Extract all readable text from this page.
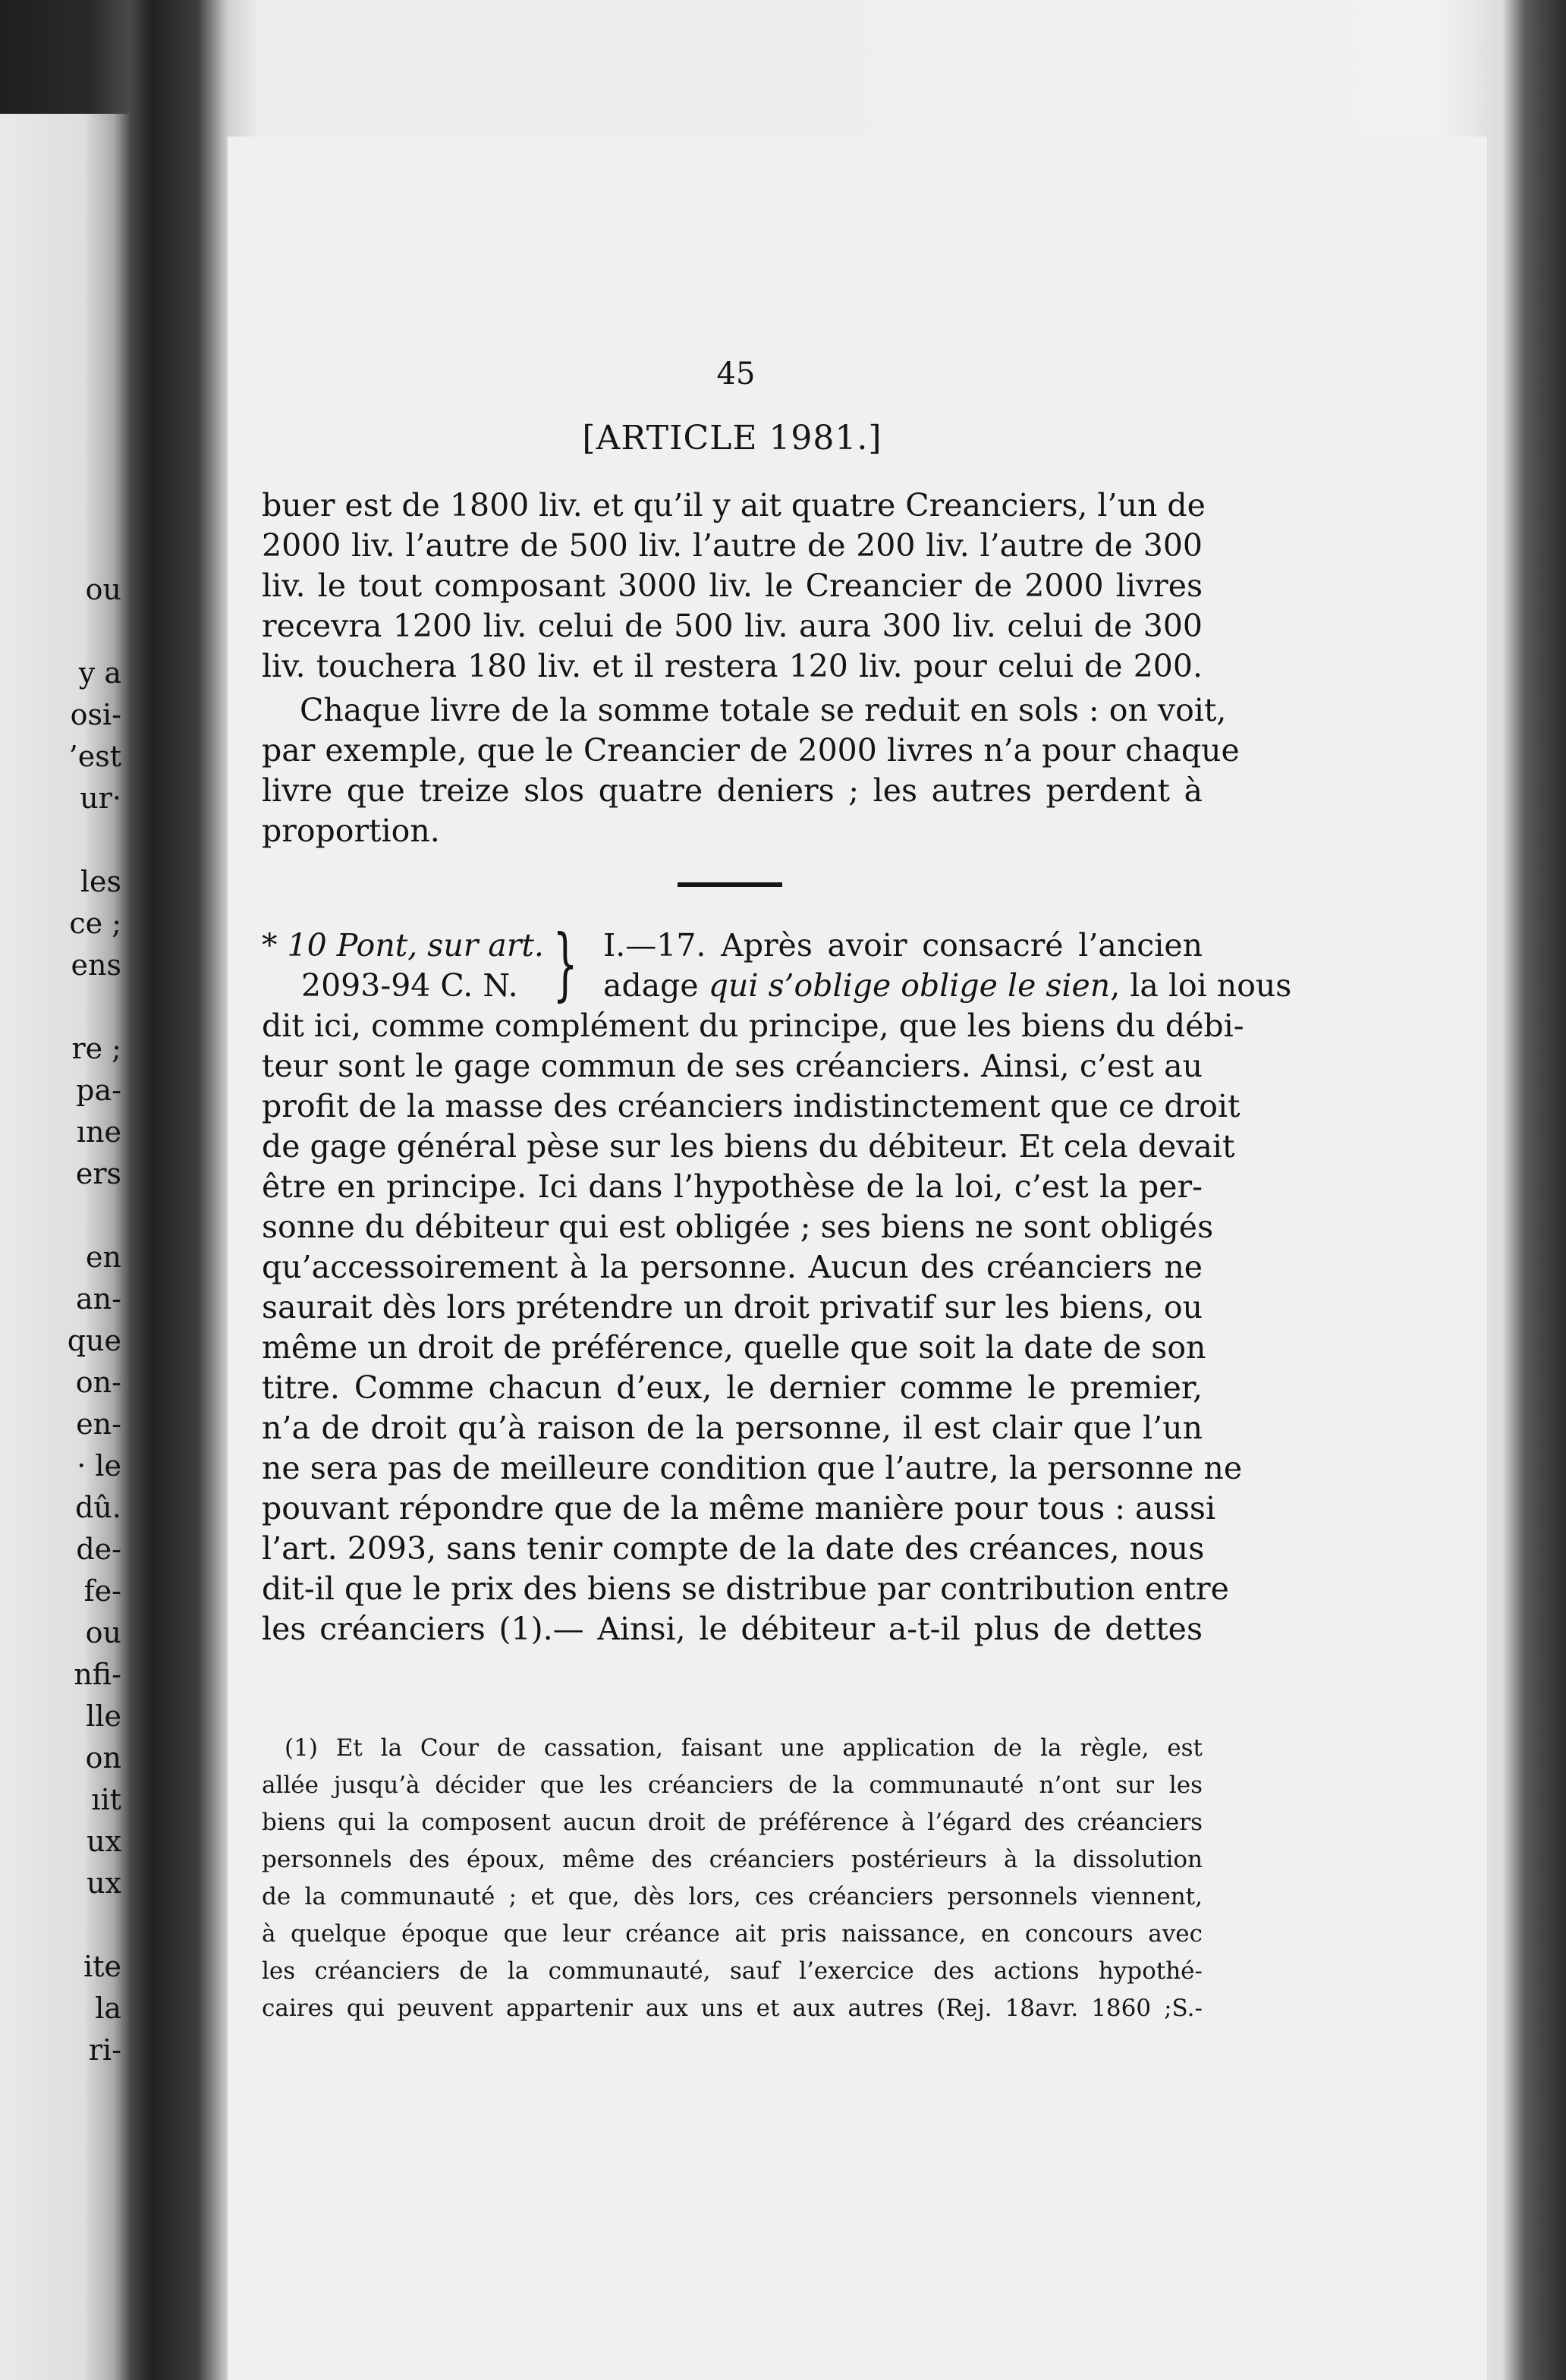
ou
y a
osi-
’est
ur·
les
ce ;
ens
re ;
pa-
ıne
ers
en
an-
que
on-
en-
· le
dû.
de-
fe-
ou
nfi-
lle
on
ıit
ux
ux
ite
la
ri-
45
[ARTICLE 1981.]
buer est de 1800 liv. et qu’il y ait quatre Creanciers, l’un de
2000 liv. l’autre de 500 liv. l’autre de 200 liv. l’autre de 300
liv. le tout composant 3000 liv. le Creancier de 2000 livres
recevra 1200 liv. celui de 500 liv. aura 300 liv. celui de 300
liv. touchera 180 liv. et il restera 120 liv. pour celui de 200.
Chaque livre de la somme totale se reduit en sols : on voit,
par exemple, que le Creancier de 2000 livres n’a pour chaque
livre que treize slos quatre deniers ; les autres perdent à
proportion.
* 10 Pont, sur art.
2093-94 C. N. } I.—17. Après avoir consacré l’ancien
adage qui s’oblige oblige le sien, la loi nous
dit ici, comme complément du principe, que les biens du débi-
teur sont le gage commun de ses créanciers. Ainsi, c’est au
profit de la masse des créanciers indistinctement que ce droit
de gage général pèse sur les biens du débiteur. Et cela devait
être en principe. Ici dans l’hypothèse de la loi, c’est la per-
sonne du débiteur qui est obligée ; ses biens ne sont obligés
qu’accessoirement à la personne. Aucun des créanciers ne
saurait dès lors prétendre un droit privatif sur les biens, ou
même un droit de préférence, quelle que soit la date de son
titre. Comme chacun d’eux, le dernier comme le premier,
n’a de droit qu’à raison de la personne, il est clair que l’un
ne sera pas de meilleure condition que l’autre, la personne ne
pouvant répondre que de la même manière pour tous : aussi
l’art. 2093, sans tenir compte de la date des créances, nous
dit-il que le prix des biens se distribue par contribution entre
les créanciers (1).— Ainsi, le débiteur a-t-il plus de dettes
(1) Et la Cour de cassation, faisant une application de la règle, est
allée jusqu’à décider que les créanciers de la communauté n’ont sur les
biens qui la composent aucun droit de préférence à l’égard des créanciers
personnels des époux, même des créanciers postérieurs à la dissolution
de la communauté ; et que, dès lors, ces créanciers personnels viennent,
à quelque époque que leur créance ait pris naissance, en concours avec
les créanciers de la communauté, sauf l’exercice des actions hypothé-
caires qui peuvent appartenir aux uns et aux autres (Rej. 18avr. 1860 ;S.-
